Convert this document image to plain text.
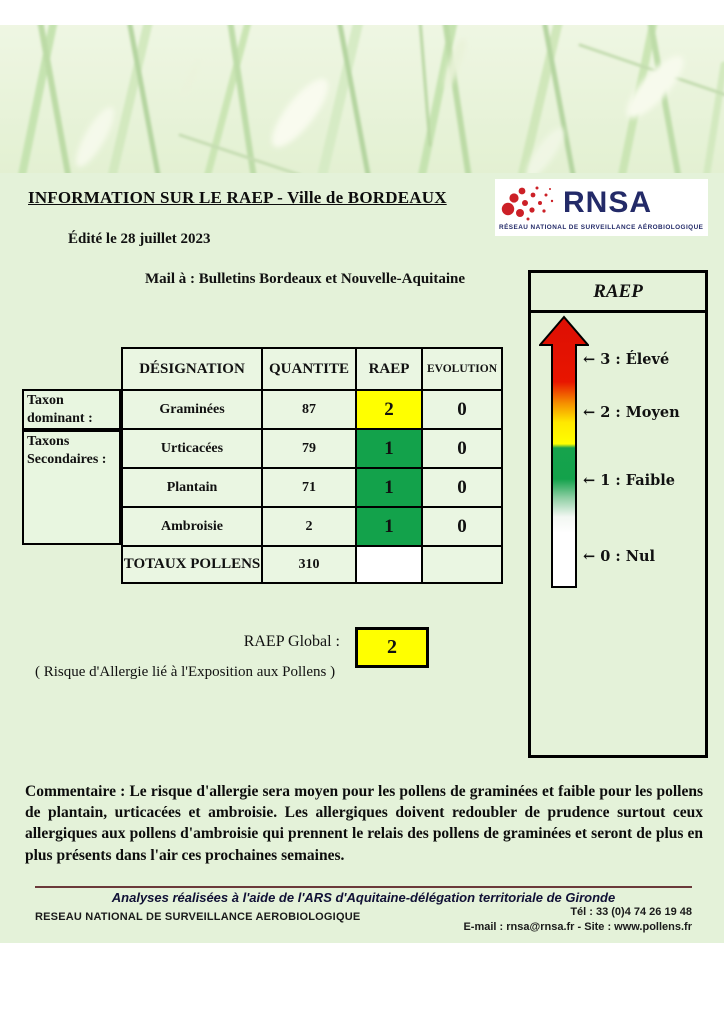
INFORMATION SUR LE RAEP - Ville de BORDEAUX
Édité le 28 juillet 2023
Mail à : Bulletins Bordeaux et Nouvelle-Aquitaine
RNSA
RÉSEAU NATIONAL DE SURVEILLANCE AÉROBIOLOGIQUE
DÉSIGNATION	QUANTITE	RAEP	EVOLUTION
Graminées	87	2	0
Urticacées	79	1	0
Plantain	71	1	0
Ambroisie	2	1	0
TOTAUX POLLENS	310
Taxon dominant :
Taxons Secondaires :
RAEP Global :	2
( Risque d'Allergie lié à l'Exposition aux Pollens )
RAEP
← 3 : Élevé
← 2 : Moyen
← 1 : Faible
← 0 : Nul
Commentaire : Le risque d'allergie sera moyen pour les pollens de graminées et faible pour les pollens de plantain, urticacées et ambroisie. Les allergiques doivent redoubler de prudence surtout ceux allergiques aux pollens d'ambroisie qui prennent le relais des pollens de graminées et seront de plus en plus présents dans l'air ces prochaines semaines.
Analyses réalisées à l'aide de l'ARS d'Aquitaine-délégation territoriale de Gironde
RESEAU NATIONAL DE SURVEILLANCE AEROBIOLOGIQUE	Tél : 33 (0)4 74 26 19 48
E-mail : rnsa@rnsa.fr - Site : www.pollens.fr
